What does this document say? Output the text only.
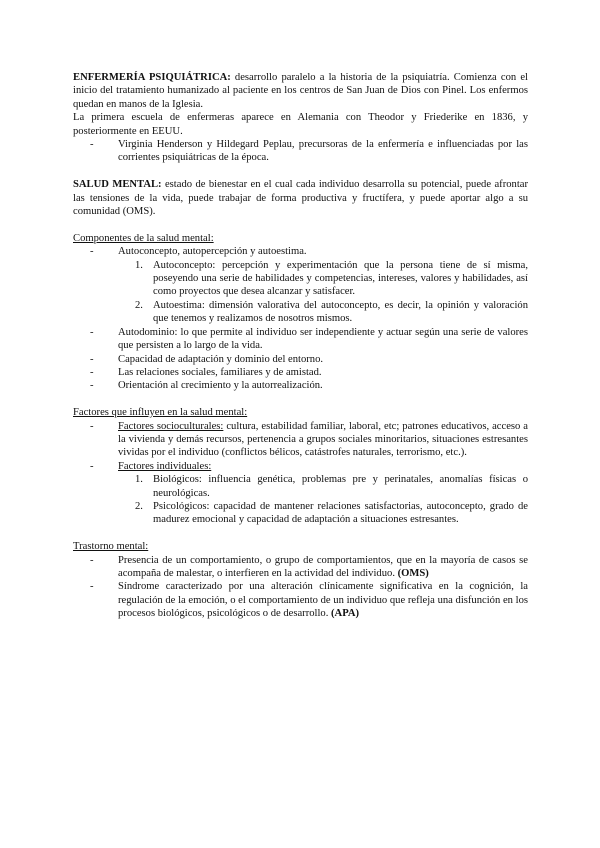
ENFERMERÍA PSIQUIÁTRICA: desarrollo paralelo a la historia de la psiquiatría. Comienza con el inicio del tratamiento humanizado al paciente en los centros de San Juan de Dios con Pinel. Los enfermos quedan en manos de la Iglesia.

La primera escuela de enfermeras aparece en Alemania con Theodor y Friederike en 1836, y posteriormente en EEUU.

- Virginia Henderson y Hildegard Peplau, precursoras de la enfermería e influenciadas por las corrientes psiquiátricas de la época.

SALUD MENTAL: estado de bienestar en el cual cada individuo desarrolla su potencial, puede afrontar las tensiones de la vida, puede trabajar de forma productiva y fructífera, y puede aportar algo a su comunidad (OMS).

Componentes de la salud mental:

- Autoconcepto, autopercepción y autoestima.
1. Autoconcepto: percepción y experimentación que la persona tiene de sí misma, poseyendo una serie de habilidades y competencias, intereses, valores y habilidades, así como proyectos que desea alcanzar y satisfacer.
2. Autoestima: dimensión valorativa del autoconcepto, es decir, la opinión y valoración que tenemos y realizamos de nosotros mismos.
- Autodominio: lo que permite al individuo ser independiente y actuar según una serie de valores que persisten a lo largo de la vida.
- Capacidad de adaptación y dominio del entorno.
- Las relaciones sociales, familiares y de amistad.
- Orientación al crecimiento y la autorrealización.

Factores que influyen en la salud mental:

- Factores socioculturales: cultura, estabilidad familiar, laboral, etc; patrones educativos, acceso a la vivienda y demás recursos, pertenencia a grupos sociales minoritarios, situaciones estresantes vividas por el individuo (conflictos bélicos, catástrofes naturales, terrorismo, etc.).
- Factores individuales:
1. Biológicos: influencia genética, problemas pre y perinatales, anomalías físicas o neurológicas.
2. Psicológicos: capacidad de mantener relaciones satisfactorias, autoconcepto, grado de madurez emocional y capacidad de adaptación a situaciones estresantes.

Trastorno mental:

- Presencia de un comportamiento, o grupo de comportamientos, que en la mayoría de casos se acompaña de malestar, o interfieren en la actividad del individuo. (OMS)
- Síndrome caracterizado por una alteración clínicamente significativa en la cognición, la regulación de la emoción, o el comportamiento de un individuo que refleja una disfunción en los procesos biológicos, psicológicos o de desarrollo. (APA)
